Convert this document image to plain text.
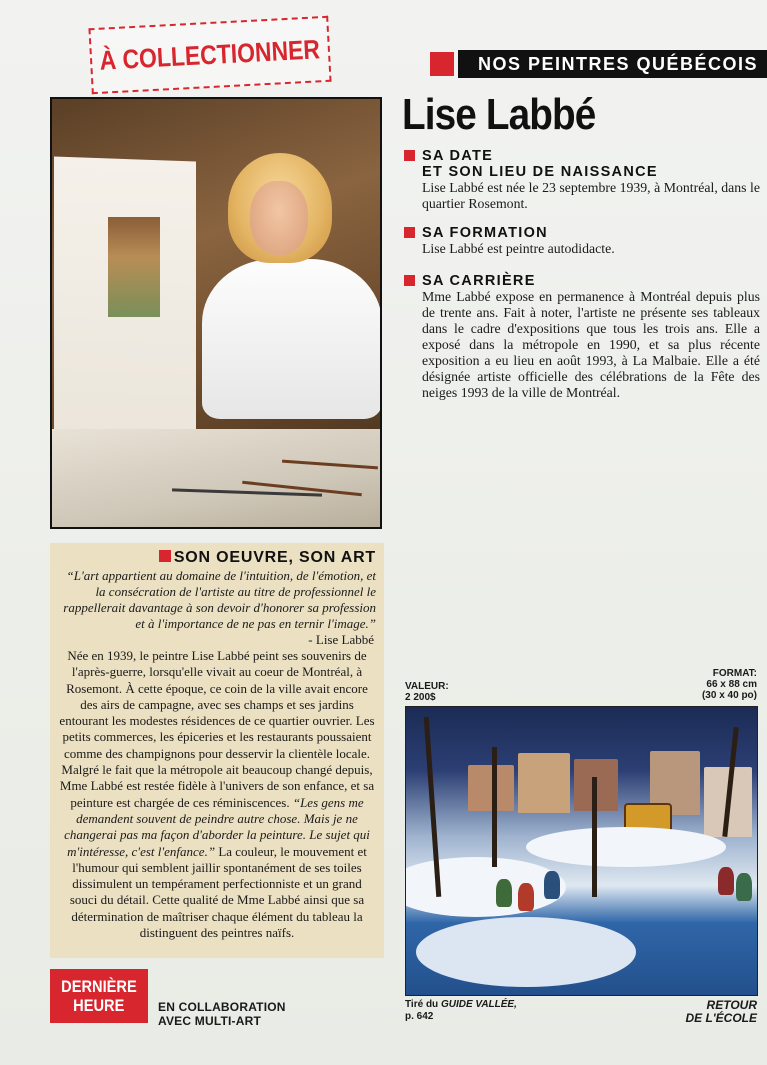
À COLLECTIONNER	NOS PEINTRES QUÉBÉCOIS
Lise Labbé
SA DATE
ET SON LIEU DE NAISSANCE
Lise Labbé est née le 23 septembre 1939, à Montréal, dans le quartier Rosemont.
SA FORMATION
Lise Labbé est peintre autodidacte.
SA CARRIÈRE
Mme Labbé expose en permanence à Montréal depuis plus de trente ans. Fait à noter, l'artiste ne présente ses tableaux dans le cadre d'expositions que tous les trois ans. Elle a exposé dans la métropole en 1990, et sa plus récente exposition a eu lieu en août 1993, à La Malbaie. Elle a été désignée artiste officielle des célébrations de la Fête des neiges 1993 de la ville de Montréal.
SON OEUVRE, SON ART
“L'art appartient au domaine de l'intuition, de l'émotion, et la consécration de l'artiste au titre de professionnel le rappellerait davantage à son devoir d'honorer sa profession et à l'importance de ne pas en ternir l'image.”
- Lise Labbé
Née en 1939, le peintre Lise Labbé peint ses souvenirs de l'après-guerre, lorsqu'elle vivait au coeur de Montréal, à Rosemont. À cette époque, ce coin de la ville avait encore des airs de campagne, avec ses champs et ses jardins entourant les modestes résidences de ce quartier ouvrier. Les petits commerces, les épiceries et les restaurants poussaient comme des champignons pour desservir la clientèle locale. Malgré le fait que la métropole ait beaucoup changé depuis, Mme Labbé est restée fidèle à l'univers de son enfance, et sa peinture est chargée de ces réminiscences. “Les gens me demandent souvent de peindre autre chose. Mais je ne changerai pas ma façon d'aborder la peinture. Le sujet qui m'intéresse, c'est l'enfance.” La couleur, le mouvement et l'humour qui semblent jaillir spontanément de ses toiles dissimulent un tempérament perfectionniste et un grand souci du détail. Cette qualité de Mme Labbé ainsi que sa détermination de maîtriser chaque élément du tableau la distinguent des peintres naïfs.
VALEUR:
2 200$
FORMAT:
66 x 88 cm
(30 x 40 po)
Tiré du GUIDE VALLÉE,
p. 642
RETOUR
DE L'ÉCOLE
DERNIÈRE
HEURE	EN COLLABORATION
AVEC MULTI-ART
